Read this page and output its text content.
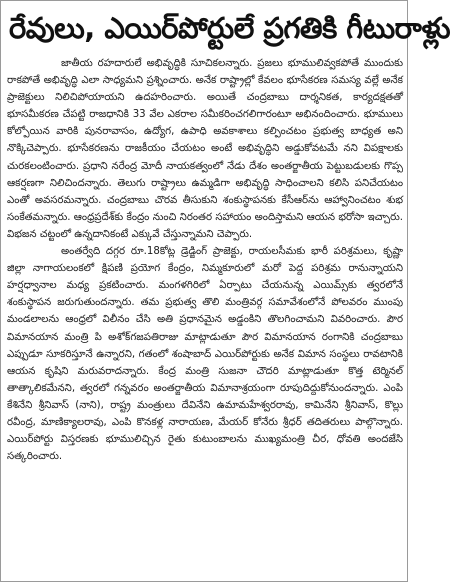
రేవులు, ఎయిర్‌పోర్టులే ప్రగతికి గీటురాళ్లు

జాతీయ రహదారులే అభివృద్ధికి సూచికలన్నారు. ప్రజలు భూములివ్వకపోతే ముందుకు రాకపోతే అభివృద్ధి ఎలా సాధ్యమని ప్రశ్నించారు. అనేక రాష్ట్రాల్లో కేవలం భూసేకరణ సమస్య వల్లే అనేక ప్రాజెక్టులు నిలిచిపోయాయని ఉదహరించారు. అయితే చంద్రబాబు దార్శనికత, కార్యదక్షతతో భూసమీకరణ చేపట్టి రాజధానికి 33 వేల ఎకరాల సమీకరించగలిగారంటూ అభినందించారు. భూములు కోల్పోయిన వారికి పునరావాసం, ఉద్యోగ, ఉపాధి అవకాశాలు కల్పించటం ప్రభుత్వ బాధ్యత అని నొక్కిచెప్పారు. భూసేకరణను రాజకీయం చేయటం అంటే అభివృద్ధిని అడ్డుకోవటమే నని విపక్షాలకు చురకలంటించారు. ప్రధాని నరేంద్ర మోదీ నాయకత్వంలో నేడు దేశం అంతర్జాతీయ పెట్టుబడులకు గొప్ప ఆకర్షణగా నిలిచిందన్నారు. తెలుగు రాష్ట్రాలు ఉమ్మడిగా అభివృద్ధి సాధించాలని కలిసి పనిచేయటం ఎంతో అవసరమన్నారు. చంద్రబాబు చొరవ తీసుకుని శంకుస్థాపనకు కేసీఆర్‌ను ఆహ్వానించటం శుభ సంకేతమన్నారు. ఆంధ్రప్రదేశ్‌కు కేంద్రం నుంచి నిరంతర సహాయం అందిస్తామని ఆయన భరోసా ఇచ్చారు. విభజన చట్టంలో ఉన్నదానికంటే ఎక్కువే చేస్తున్నామని చెప్పారు.

అంతర్వేది దగ్గర రూ.18కోట్ల డ్రెడ్జింగ్ ప్రాజెక్టు, రాయలసీమకు భారీ పరిశ్రమలు, కృష్ణా జిల్లా నాగాయలంకలో క్షిపణి ప్రయోగ కేంద్రం, నిమ్మకూరులో మరో పెద్ద పరిశ్రమ రానున్నాయని హర్షధ్వానాల మధ్య ప్రకటించారు. మంగళగిరిలో ఏర్పాటు చేయనున్న ఎయిమ్స్‌కు త్వరలోనే శంకుస్థాపన జరుగుతుందన్నారు. తమ ప్రభుత్వ తొలి మంత్రివర్గ సమావేశంలోనే పోలవరం ముంపు మండలాలను ఆంధ్రలో విలీనం చేసి అతి ప్రధానమైన అడ్డంకిని తొలగించామని వివరించారు. పౌర విమానయాన మంత్రి పి అశోక్‌గజపతిరాజు మాట్లాడుతూ పౌర విమానయాన రంగానికి చంద్రబాబు ఎప్పుడూ సూకరిస్తూనే ఉన్నారని, గతంలో శంషాబాద్ ఎయిర్‌పోర్టుకు అనేక విమాన సంస్థలు రావటానికి ఆయన కృషిని మరువరాదన్నారు. కేంద్ర మంత్రి సుజనా చౌదరి మాట్లాడుతూ కొత్త టెర్మినల్ తాత్కాలికమేనని, త్వరలో గన్నవరం అంతర్జాతీయ విమానాశ్రయంగా రూపుదిద్దుకోనుందన్నారు. ఎంపి కేశినేని శ్రీనివాస్ (నాని), రాష్ట్ర మంత్రులు దేవినేని ఉమామహేశ్వరరావు, కామినేని శ్రీనివాస్, కొల్లు రవీంద్ర, మాణిక్యాలరావు, ఎంపి కొనకళ్ల నారాయణ, మేయర్ కోనేరు శ్రీధర్ తదితరులు పాల్గొన్నారు. ఎయిర్‌పోర్టు విస్తరణకు భూములిచ్చిన రైతు కుటుంబాలను ముఖ్యమంత్రి చీర, ధోవతి అందజేసి సత్కరించారు.
